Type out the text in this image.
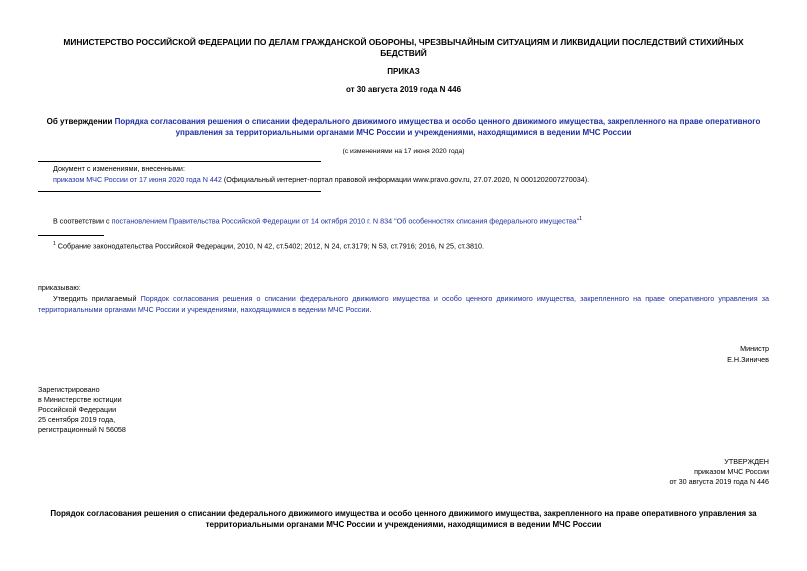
МИНИСТЕРСТВО РОССИЙСКОЙ ФЕДЕРАЦИИ ПО ДЕЛАМ ГРАЖДАНСКОЙ ОБОРОНЫ, ЧРЕЗВЫЧАЙНЫМ СИТУАЦИЯМ И ЛИКВИДАЦИИ ПОСЛЕДСТВИЙ СТИХИЙНЫХ БЕДСТВИЙ
ПРИКАЗ
от 30 августа 2019 года N 446
Об утверждении Порядка согласования решения о списании федерального движимого имущества и особо ценного движимого имущества, закрепленного на праве оперативного управления за территориальными органами МЧС России и учреждениями, находящимися в ведении МЧС России
(с изменениями на 17 июня 2020 года)
Документ с изменениями, внесенными:
приказом МЧС России от 17 июня 2020 года N 442 (Официальный интернет-портал правовой информации www.pravo.gov.ru, 27.07.2020, N 0001202007270034).
В соответствии с постановлением Правительства Российской Федерации от 14 октября 2010 г. N 834 "Об особенностях списания федерального имущества"$^1$
$^1$ Собрание законодательства Российской Федерации, 2010, N 42, ст.5402; 2012, N 24, ст.3179; N 53, ст.7916; 2016, N 25, ст.3810.
приказываю:
Утвердить прилагаемый Порядок согласования решения о списании федерального движимого имущества и особо ценного движимого имущества, закрепленного на праве оперативного управления за территориальными органами МЧС России и учреждениями, находящимися в ведении МЧС России.
Министр
Е.Н.Зиничев
Зарегистрировано
в Министерстве юстиции
Российской Федерации
25 сентября 2019 года,
регистрационный N 56058
УТВЕРЖДЕН
приказом МЧС России
от 30 августа 2019 года N 446
Порядок согласования решения о списании федерального движимого имущества и особо ценного движимого имущества, закрепленного на праве оперативного управления за территориальными органами МЧС России и учреждениями, находящимися в ведении МЧС России
